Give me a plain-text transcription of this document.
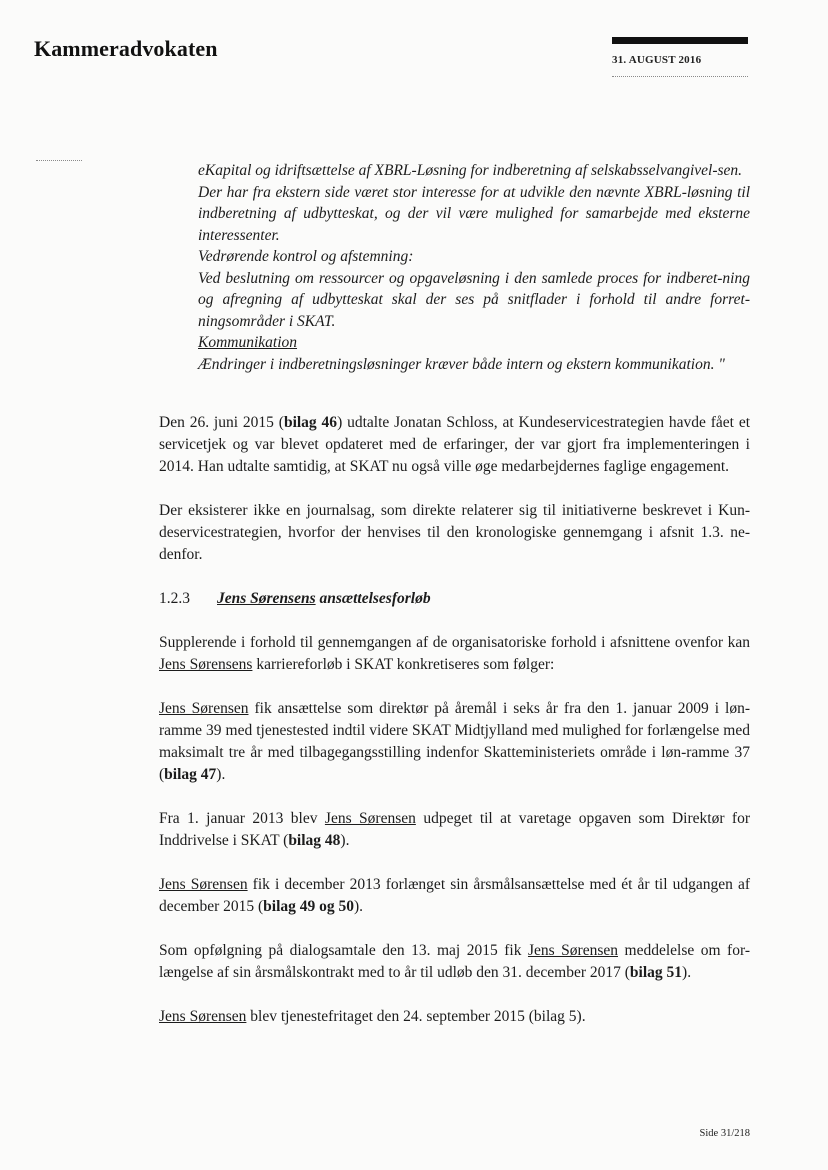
Kammeradvokaten	31. AUGUST 2016

eKapital og idriftsættelse af XBRL-Løsning for indberetning af selskabsselvangivel-sen.

Der har fra ekstern side været stor interesse for at udvikle den nævnte XBRL-løsning til indberetning af udbytteskat, og der vil være mulighed for samarbejde med eksterne interessenter.

Vedrørende kontrol og afstemning:

Ved beslutning om ressourcer og opgaveløsning i den samlede proces for indberet-ning og afregning af udbytteskat skal der ses på snitflader i forhold til andre forret-ningsområder i SKAT.

Kommunikation

Ændringer i indberetningsløsninger kræver både intern og ekstern kommunikation. "

Den 26. juni 2015 (bilag 46) udtalte Jonatan Schloss, at Kundeservicestrategien havde fået et servicetjek og var blevet opdateret med de erfaringer, der var gjort fra implementeringen i 2014. Han udtalte samtidig, at SKAT nu også ville øge medarbejdernes faglige engagement.

Der eksisterer ikke en journalsag, som direkte relaterer sig til initiativerne beskrevet i Kun-deservicestrategien, hvorfor der henvises til den kronologiske gennemgang i afsnit 1.3. ne-denfor.

1.2.3	Jens Sørensens ansættelsesforløb

Supplerende i forhold til gennemgangen af de organisatoriske forhold i afsnittene ovenfor kan Jens Sørensens karriereforløb i SKAT konkretiseres som følger:

Jens Sørensen fik ansættelse som direktør på åremål i seks år fra den 1. januar 2009 i løn-ramme 39 med tjenestested indtil videre SKAT Midtjylland med mulighed for forlængelse med maksimalt tre år med tilbagegangsstilling indenfor Skatteministeriets område i løn-ramme 37 (bilag 47).

Fra 1. januar 2013 blev Jens Sørensen udpeget til at varetage opgaven som Direktør for Inddrivelse i SKAT (bilag 48).

Jens Sørensen fik i december 2013 forlænget sin årsmålsansættelse med ét år til udgangen af december 2015 (bilag 49 og 50).

Som opfølgning på dialogsamtale den 13. maj 2015 fik Jens Sørensen meddelelse om for-længelse af sin årsmålskontrakt med to år til udløb den 31. december 2017 (bilag 51).

Jens Sørensen blev tjenestefritaget den 24. september 2015 (bilag 5).

Side 31/218
